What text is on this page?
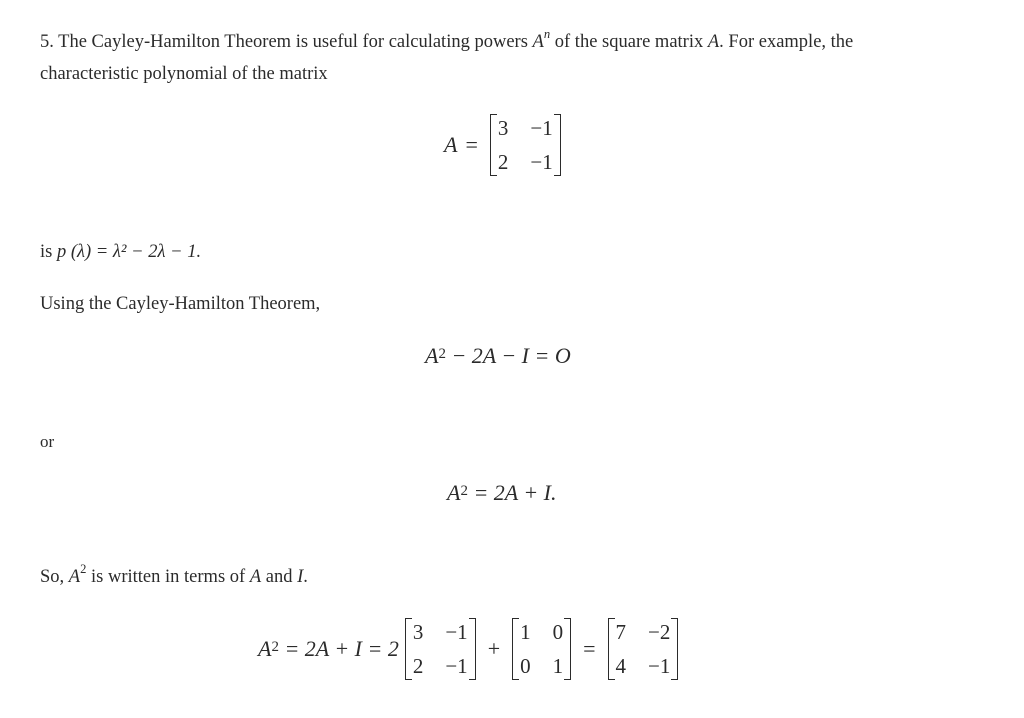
5. The Cayley-Hamilton Theorem is useful for calculating powers $A^n$ of the square matrix A. For example, the
characteristic polynomial of the matrix
A =
3 −1
2 −1
is p (λ) = λ² − 2λ − 1.
Using the Cayley-Hamilton Theorem,
$A^2 - 2A - I = O$
or
$A^2 = 2A + I$.
So, $A^2$ is written in terms of A and I.
$A^2 = 2A + I = 2$
3 −1
2 −1
+
1 0
0 1
=
7 −2
4 −1
